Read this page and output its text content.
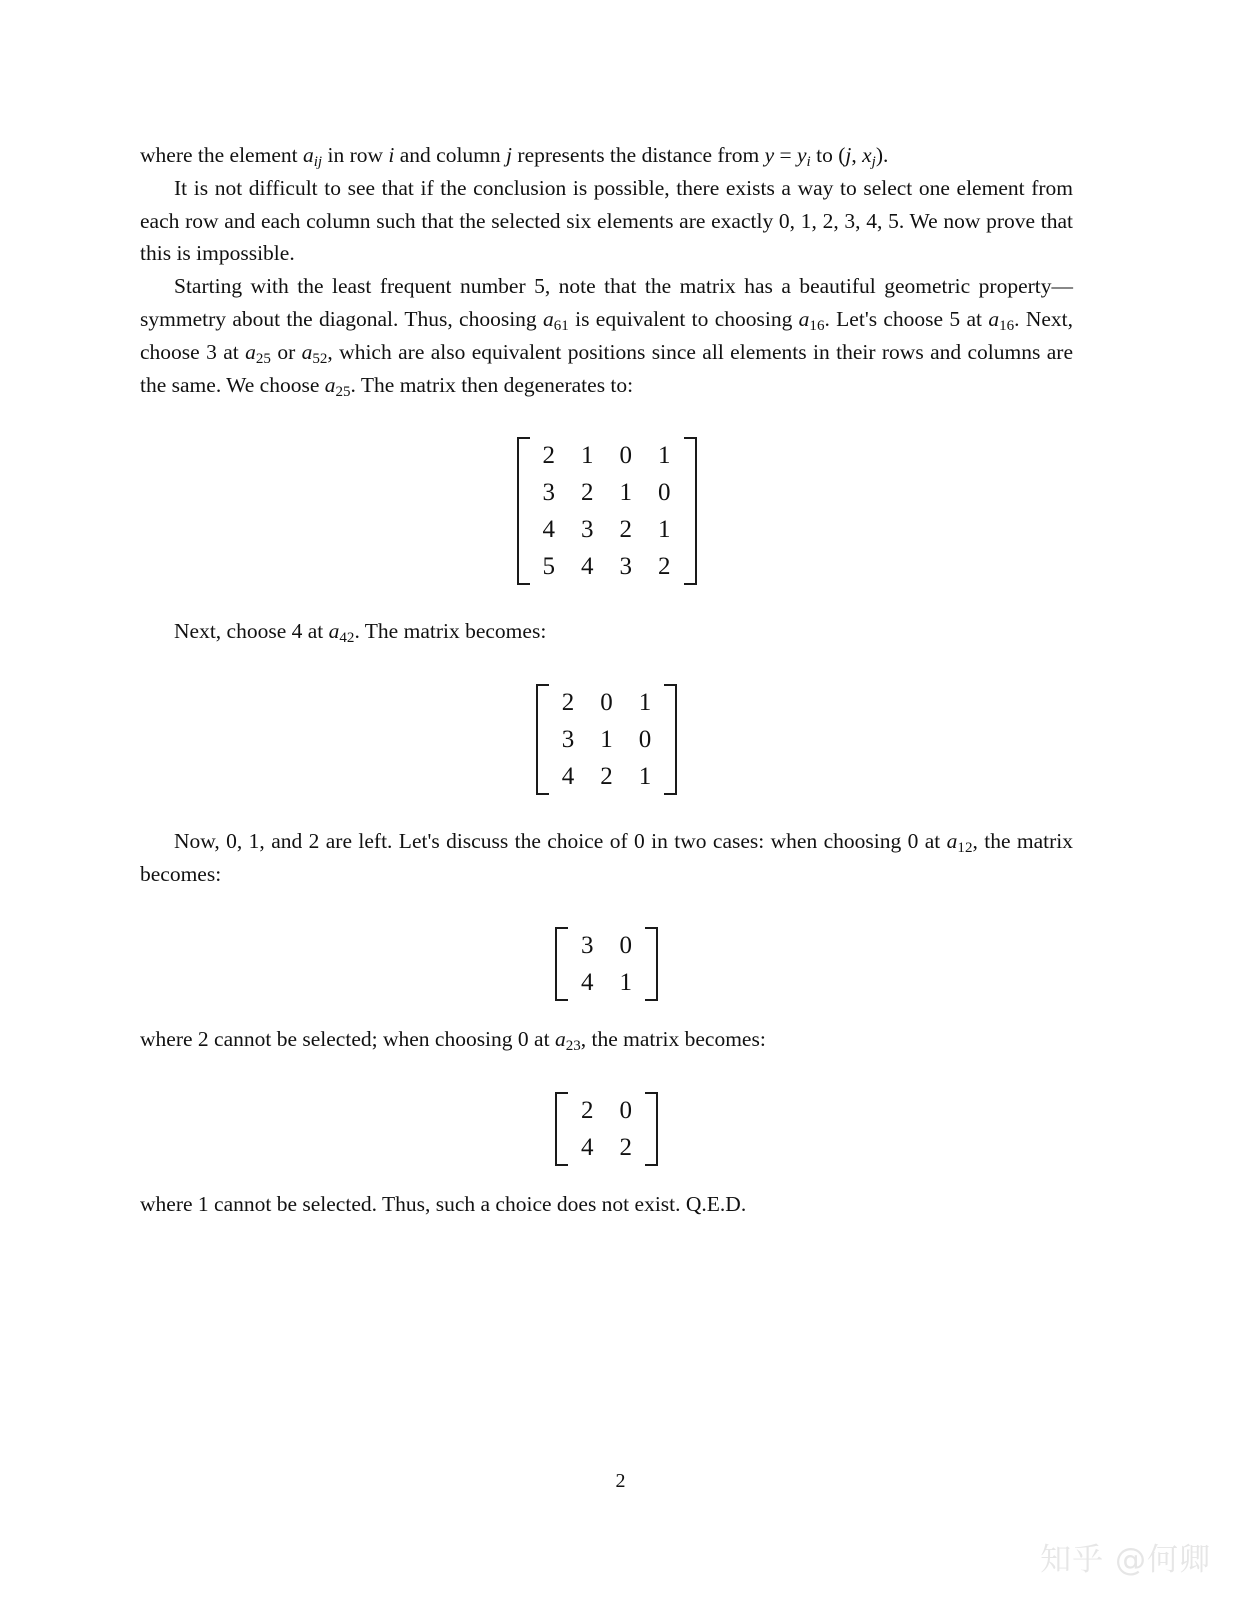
where the element $a_{ij}$ in row i and column j represents the distance from $y = y_i$ to (j, $x_j$).

It is not difficult to see that if the conclusion is possible, there exists a way to select one element from each row and each column such that the selected six elements are exactly 0, 1, 2, 3, 4, 5. We now prove that this is impossible.

Starting with the least frequent number 5, note that the matrix has a beautiful geometric property—symmetry about the diagonal. Thus, choosing $a_{61}$ is equivalent to choosing $a_{16}$. Let's choose 5 at $a_{16}$. Next, choose 3 at $a_{25}$ or $a_{52}$, which are also equivalent positions since all elements in their rows and columns are the same. We choose $a_{25}$. The matrix then degenerates to:

2	1	0	1
3	2	1	0
4	3	2	1
5	4	3	2

Next, choose 4 at $a_{42}$. The matrix becomes:

2	0	1
3	1	0
4	2	1

Now, 0, 1, and 2 are left. Let's discuss the choice of 0 in two cases: when choosing 0 at $a_{12}$, the matrix becomes:

3	0
4	1

where 2 cannot be selected; when choosing 0 at $a_{23}$, the matrix becomes:

2	0
4	2

where 1 cannot be selected. Thus, such a choice does not exist. Q.E.D.

2
知乎 @何卿
